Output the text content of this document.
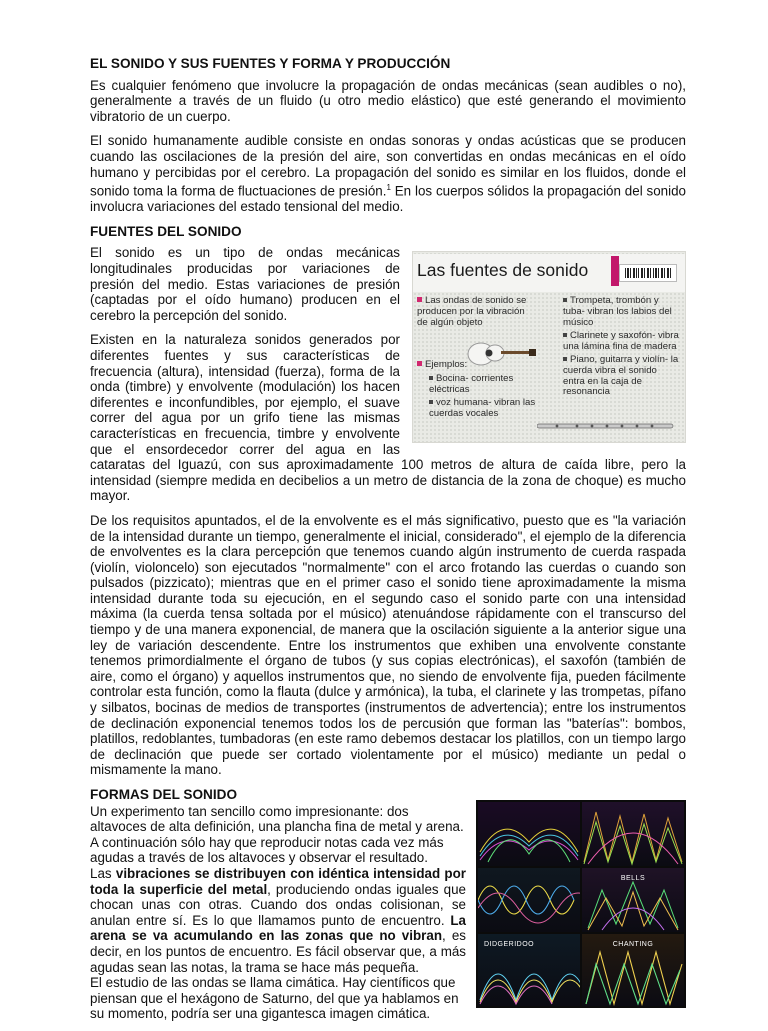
EL SONIDO Y SUS FUENTES Y FORMA Y PRODUCCIÓN

Es cualquier fenómeno que involucre la propagación de ondas mecánicas (sean audibles o no), generalmente a través de un fluido (u otro medio elástico) que esté generando el movimiento vibratorio de un cuerpo.

El sonido humanamente audible consiste en ondas sonoras y ondas acústicas que se producen cuando las oscilaciones de la presión del aire, son convertidas en ondas mecánicas en el oído humano y percibidas por el cerebro. La propagación del sonido es similar en los fluidos, donde el sonido toma la forma de fluctuaciones de presión.$^1$ En los cuerpos sólidos la propagación del sonido involucra variaciones del estado tensional del medio.

FUENTES DEL SONIDO
Las fuentes de sonido
Las ondas de sonido se producen por la vibración de algún objeto
Ejemplos:
Bocina- corrientes eléctricas
voz humana- vibran las cuerdas vocales
Trompeta, trombón y tuba- vibran los labios del músico
Clarinete y saxofón- vibra una lámina fina de madera
Piano, guitarra y violín- la cuerda vibra el sonido entra en la caja de resonancia

El sonido es un tipo de ondas mecánicas longitudinales producidas por variaciones de presión del medio. Estas variaciones de presión (captadas por el oído humano) producen en el cerebro la percepción del sonido.

Existen en la naturaleza sonidos generados por diferentes fuentes y sus características de frecuencia (altura), intensidad (fuerza), forma de la onda (timbre) y envolvente (modulación) los hacen diferentes e inconfundibles, por ejemplo, el suave correr del agua por un grifo tiene las mismas características en frecuencia, timbre y envolvente que el ensordecedor correr del agua en las cataratas del Iguazú, con sus aproximadamente 100 metros de altura de caída libre, pero la intensidad (siempre medida en decibelios a un metro de distancia de la zona de choque) es mucho mayor.

De los requisitos apuntados, el de la envolvente es el más significativo, puesto que es "la variación de la intensidad durante un tiempo, generalmente el inicial, considerado", el ejemplo de la diferencia de envolventes es la clara percepción que tenemos cuando algún instrumento de cuerda raspada (violín, violoncelo) son ejecutados "normalmente" con el arco frotando las cuerdas o cuando son pulsados (pizzicato); mientras que en el primer caso el sonido tiene aproximadamente la misma intensidad durante toda su ejecución, en el segundo caso el sonido parte con una intensidad máxima (la cuerda tensa soltada por el músico) atenuándose rápidamente con el transcurso del tiempo y de una manera exponencial, de manera que la oscilación siguiente a la anterior sigue una ley de variación descendente. Entre los instrumentos que exhiben una envolvente constante tenemos primordialmente el órgano de tubos (y sus copias electrónicas), el saxofón (también de aire, como el órgano) y aquellos instrumentos que, no siendo de envolvente fija, pueden fácilmente controlar esta función, como la flauta (dulce y armónica), la tuba, el clarinete y las trompetas, pífano y silbatos, bocinas de medios de transportes (instrumentos de advertencia); entre los instrumentos de declinación exponencial tenemos todos los de percusión que forman las "baterías": bombos, platillos, redoblantes, tumbadoras (en este ramo debemos destacar los platillos, con un tiempo largo de declinación que puede ser cortado violentamente por el músico) mediante un pedal o mismamente la mano.

FORMAS DEL SONIDO
BELLS
DIDGERIDOO	CHANTING

Un experimento tan sencillo como impresionante: dos altavoces de alta definición, una plancha fina de metal y arena. A continuación sólo hay que reproducir notas cada vez más agudas a través de los altavoces y observar el resultado.

Las vibraciones se distribuyen con idéntica intensidad por toda la superficie del metal, produciendo ondas iguales que chocan unas con otras. Cuando dos ondas colisionan, se anulan entre sí. Es lo que llamamos punto de encuentro. La arena se va acumulando en las zonas que no vibran, es decir, en los puntos de encuentro. Es fácil observar que, a más agudas sean las notas, la trama se hace más pequeña.

El estudio de las ondas se llama cimática. Hay científicos que piensan que el hexágono de Saturno, del que ya hablamos en su momento, podría ser una gigantesca imagen cimática.
